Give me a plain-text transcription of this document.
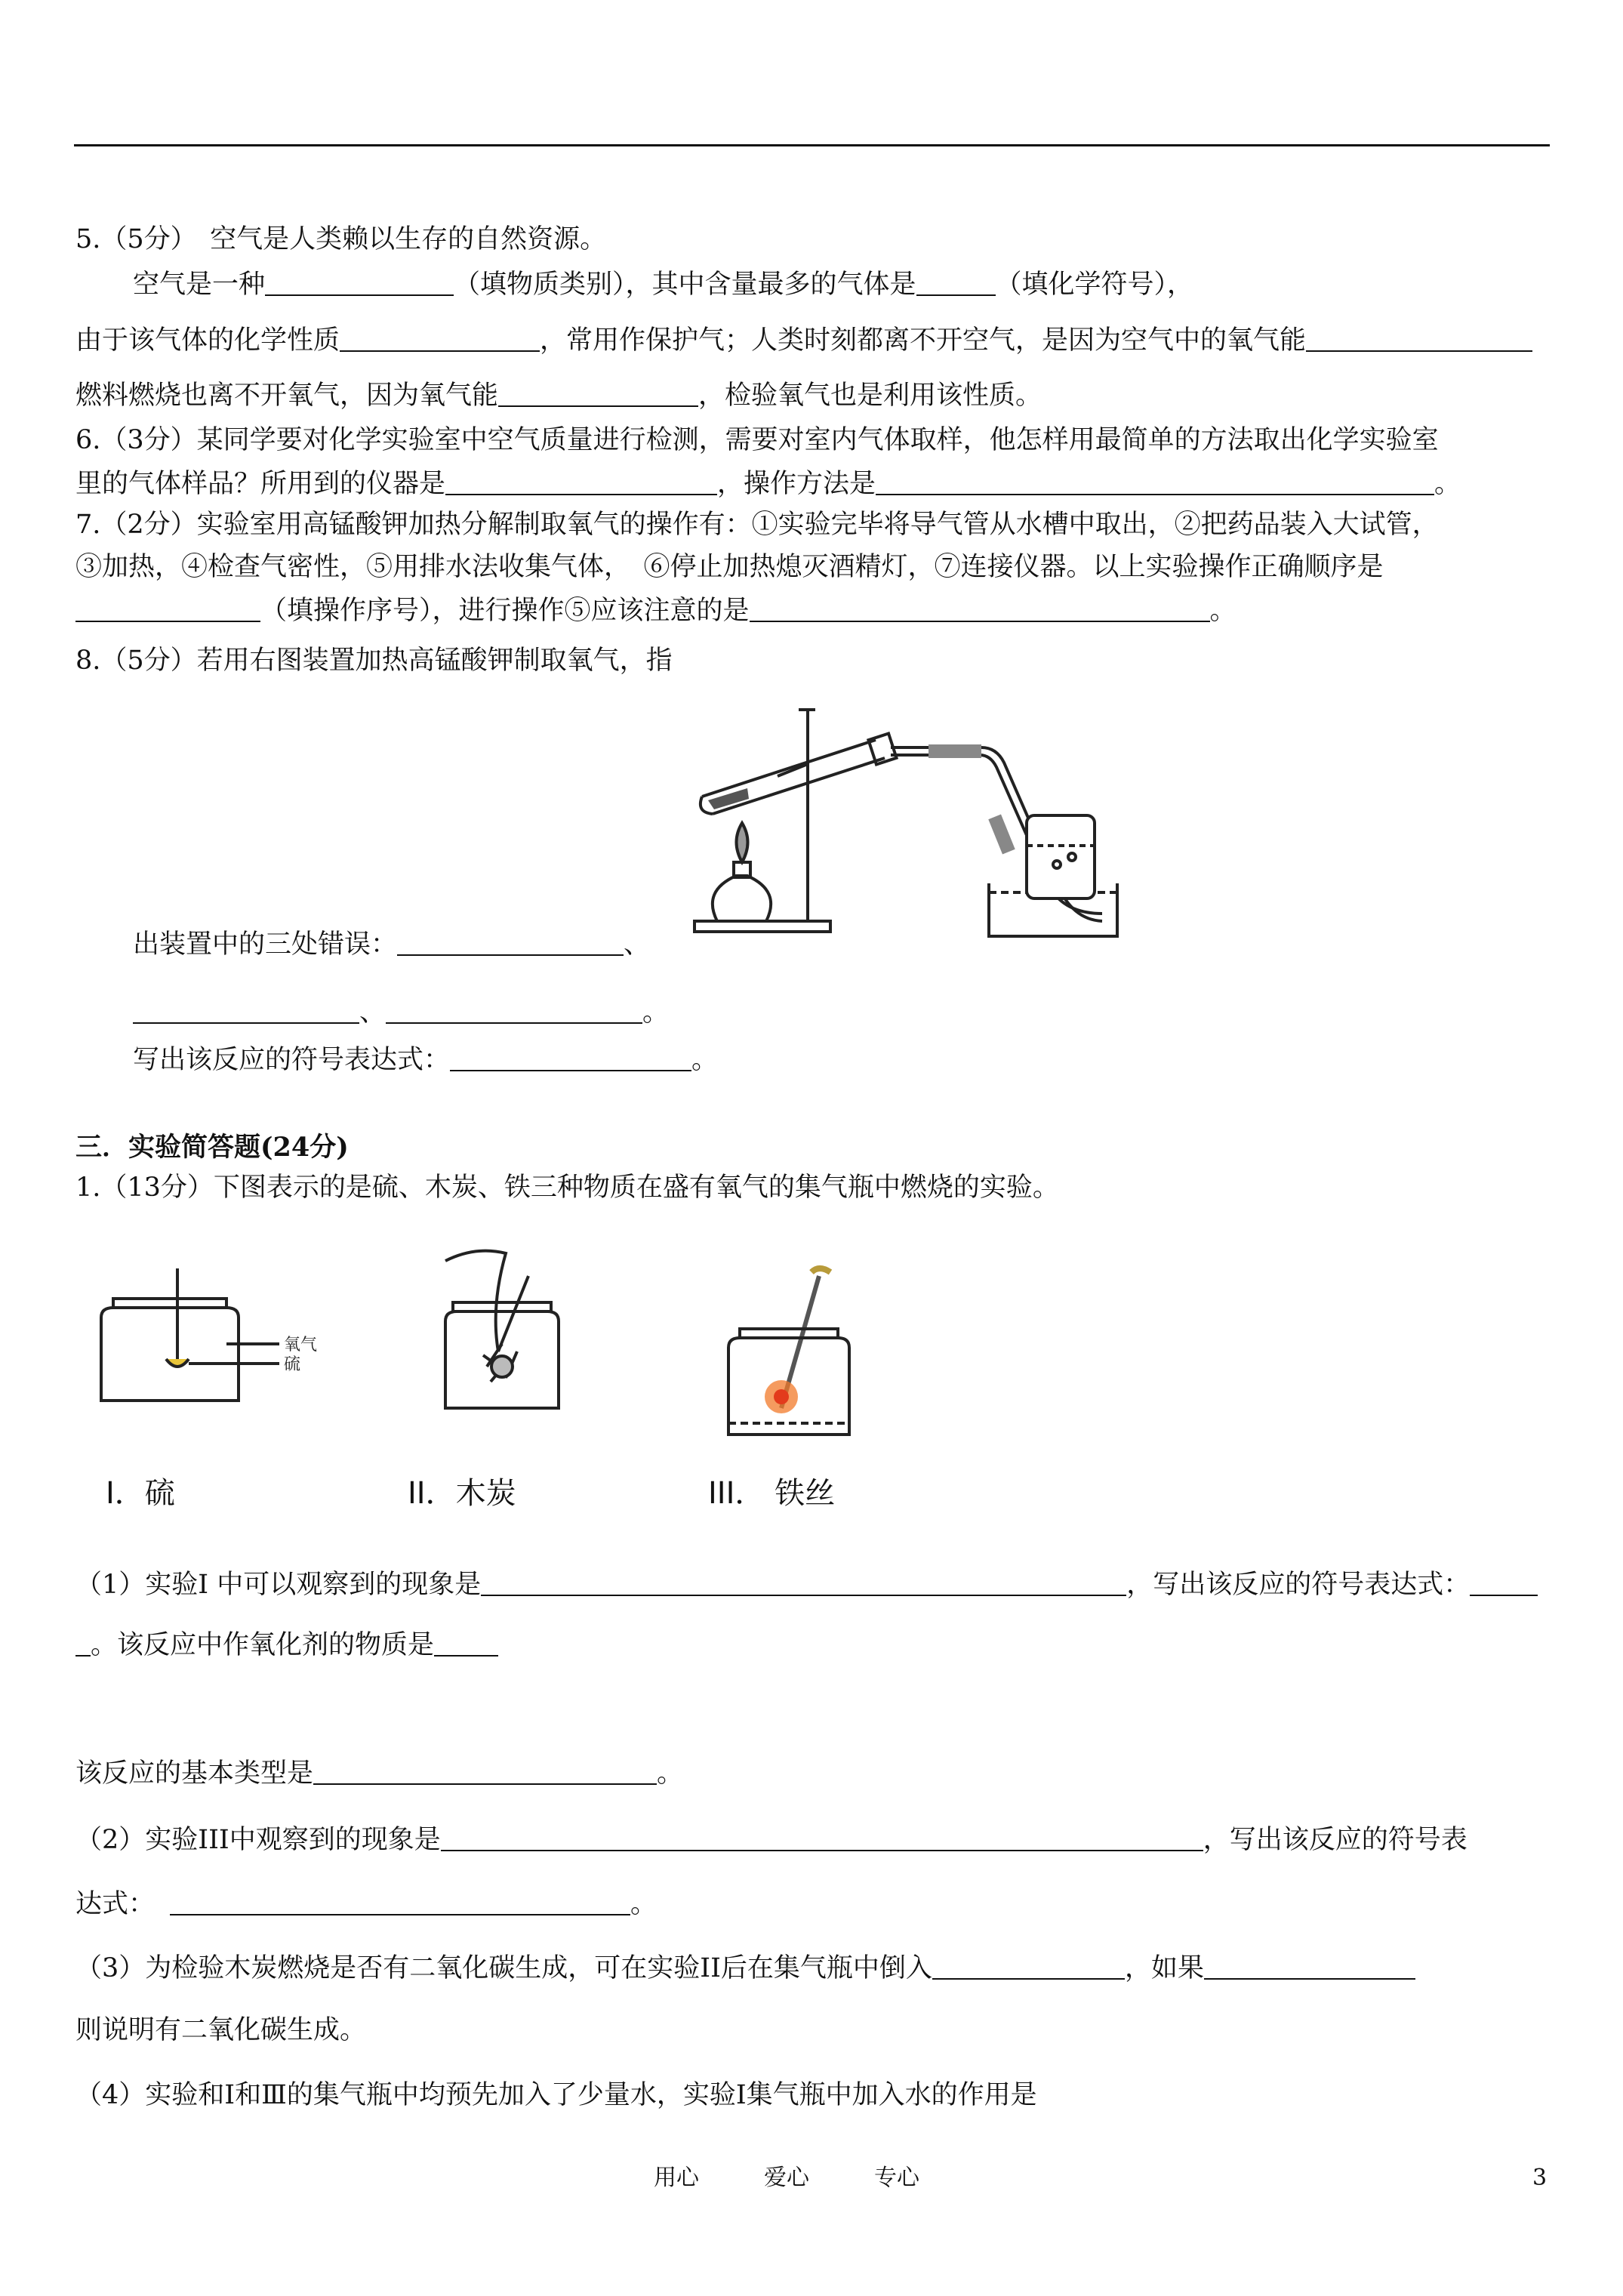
5.（5分）　空气是人类赖以生存的自然资源。
空气是一种	（填物质类别），其中含量最多的气体是	（填化学符号），
由于该气体的化学性质	，常用作保护气；人类时刻都离不开空气，是因为空气中的氧气能
燃料燃烧也离不开氧气，因为氧气能	，检验氧气也是利用该性质。
6.（3分）某同学要对化学实验室中空气质量进行检测，需要对室内气体取样，他怎样用最简单的方法取出化学实验室
里的气体样品？所用到的仪器是	，操作方法是	。
7.（2分）实验室用高锰酸钾加热分解制取氧气的操作有：①实验完毕将导气管从水槽中取出，②把药品装入大试管，
③加热，④检查气密性，⑤用排水法收集气体，　⑥停止加热熄灭酒精灯，⑦连接仪器。以上实验操作正确顺序是
（填操作序号），进行操作⑤应该注意的是	。
8.（5分）若用右图装置加热高锰酸钾制取氧气，指
出装置中的三处错误：	、
、	。
写出该反应的符号表达式：	。
三．实验简答题(24分)
1.（13分）下图表示的是硫、木炭、铁三种物质在盛有氧气的集气瓶中燃烧的实验。
氧气
硫
I．硫	II．木炭	III． 铁丝
（1）实验Ⅰ 中可以观察到的现象是	，写出该反应的符号表达式：
。该反应中作氧化剂的物质是
该反应的基本类型是	。
（2）实验III中观察到的现象是	，写出该反应的符号表
达式：	。
（3）为检验木炭燃烧是否有二氧化碳生成，可在实验II后在集气瓶中倒入	，如果
则说明有二氧化碳生成。
（4）实验和Ⅰ和Ⅲ的集气瓶中均预先加入了少量水，实验Ⅰ集气瓶中加入水的作用是
用心	爱心	专心	3
